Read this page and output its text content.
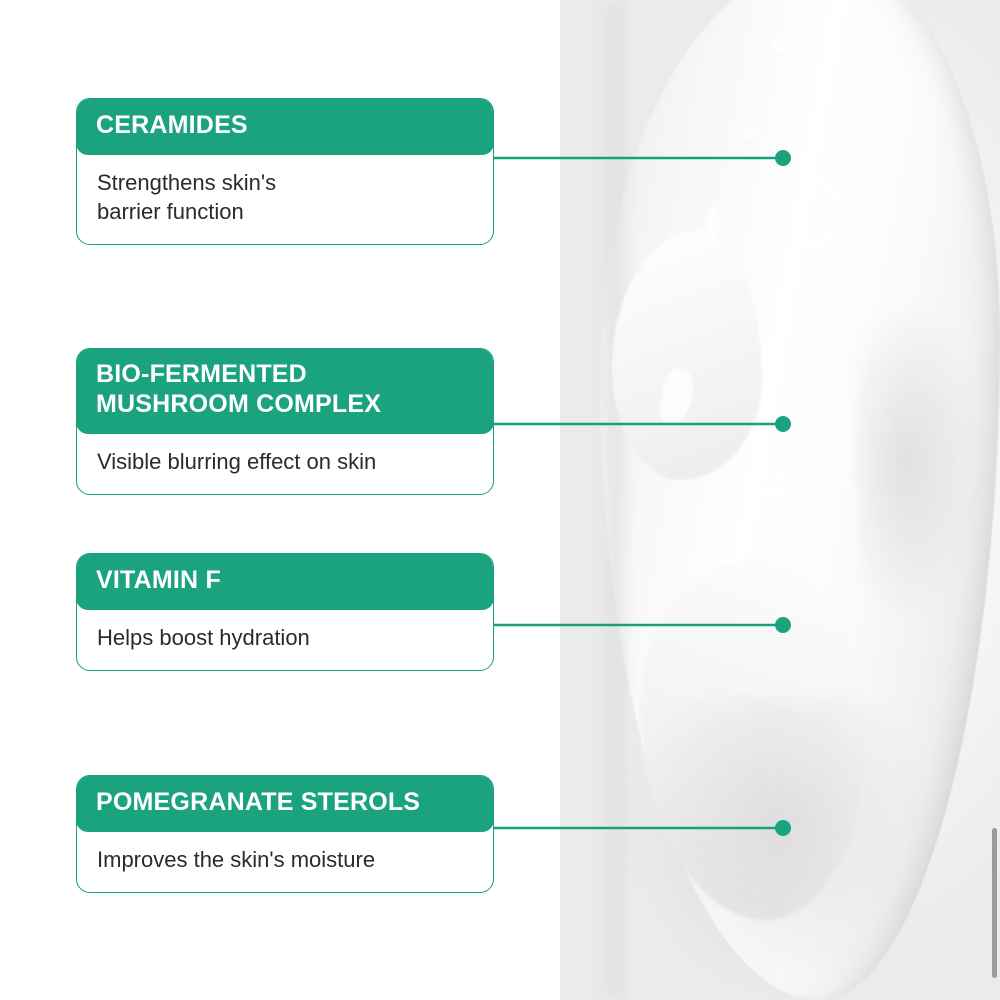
CERAMIDES
Strengthens skin's
barrier function
BIO-FERMENTED
MUSHROOM COMPLEX
Visible blurring effect on skin
VITAMIN F
Helps boost hydration
POMEGRANATE STEROLS
Improves the skin's moisture
